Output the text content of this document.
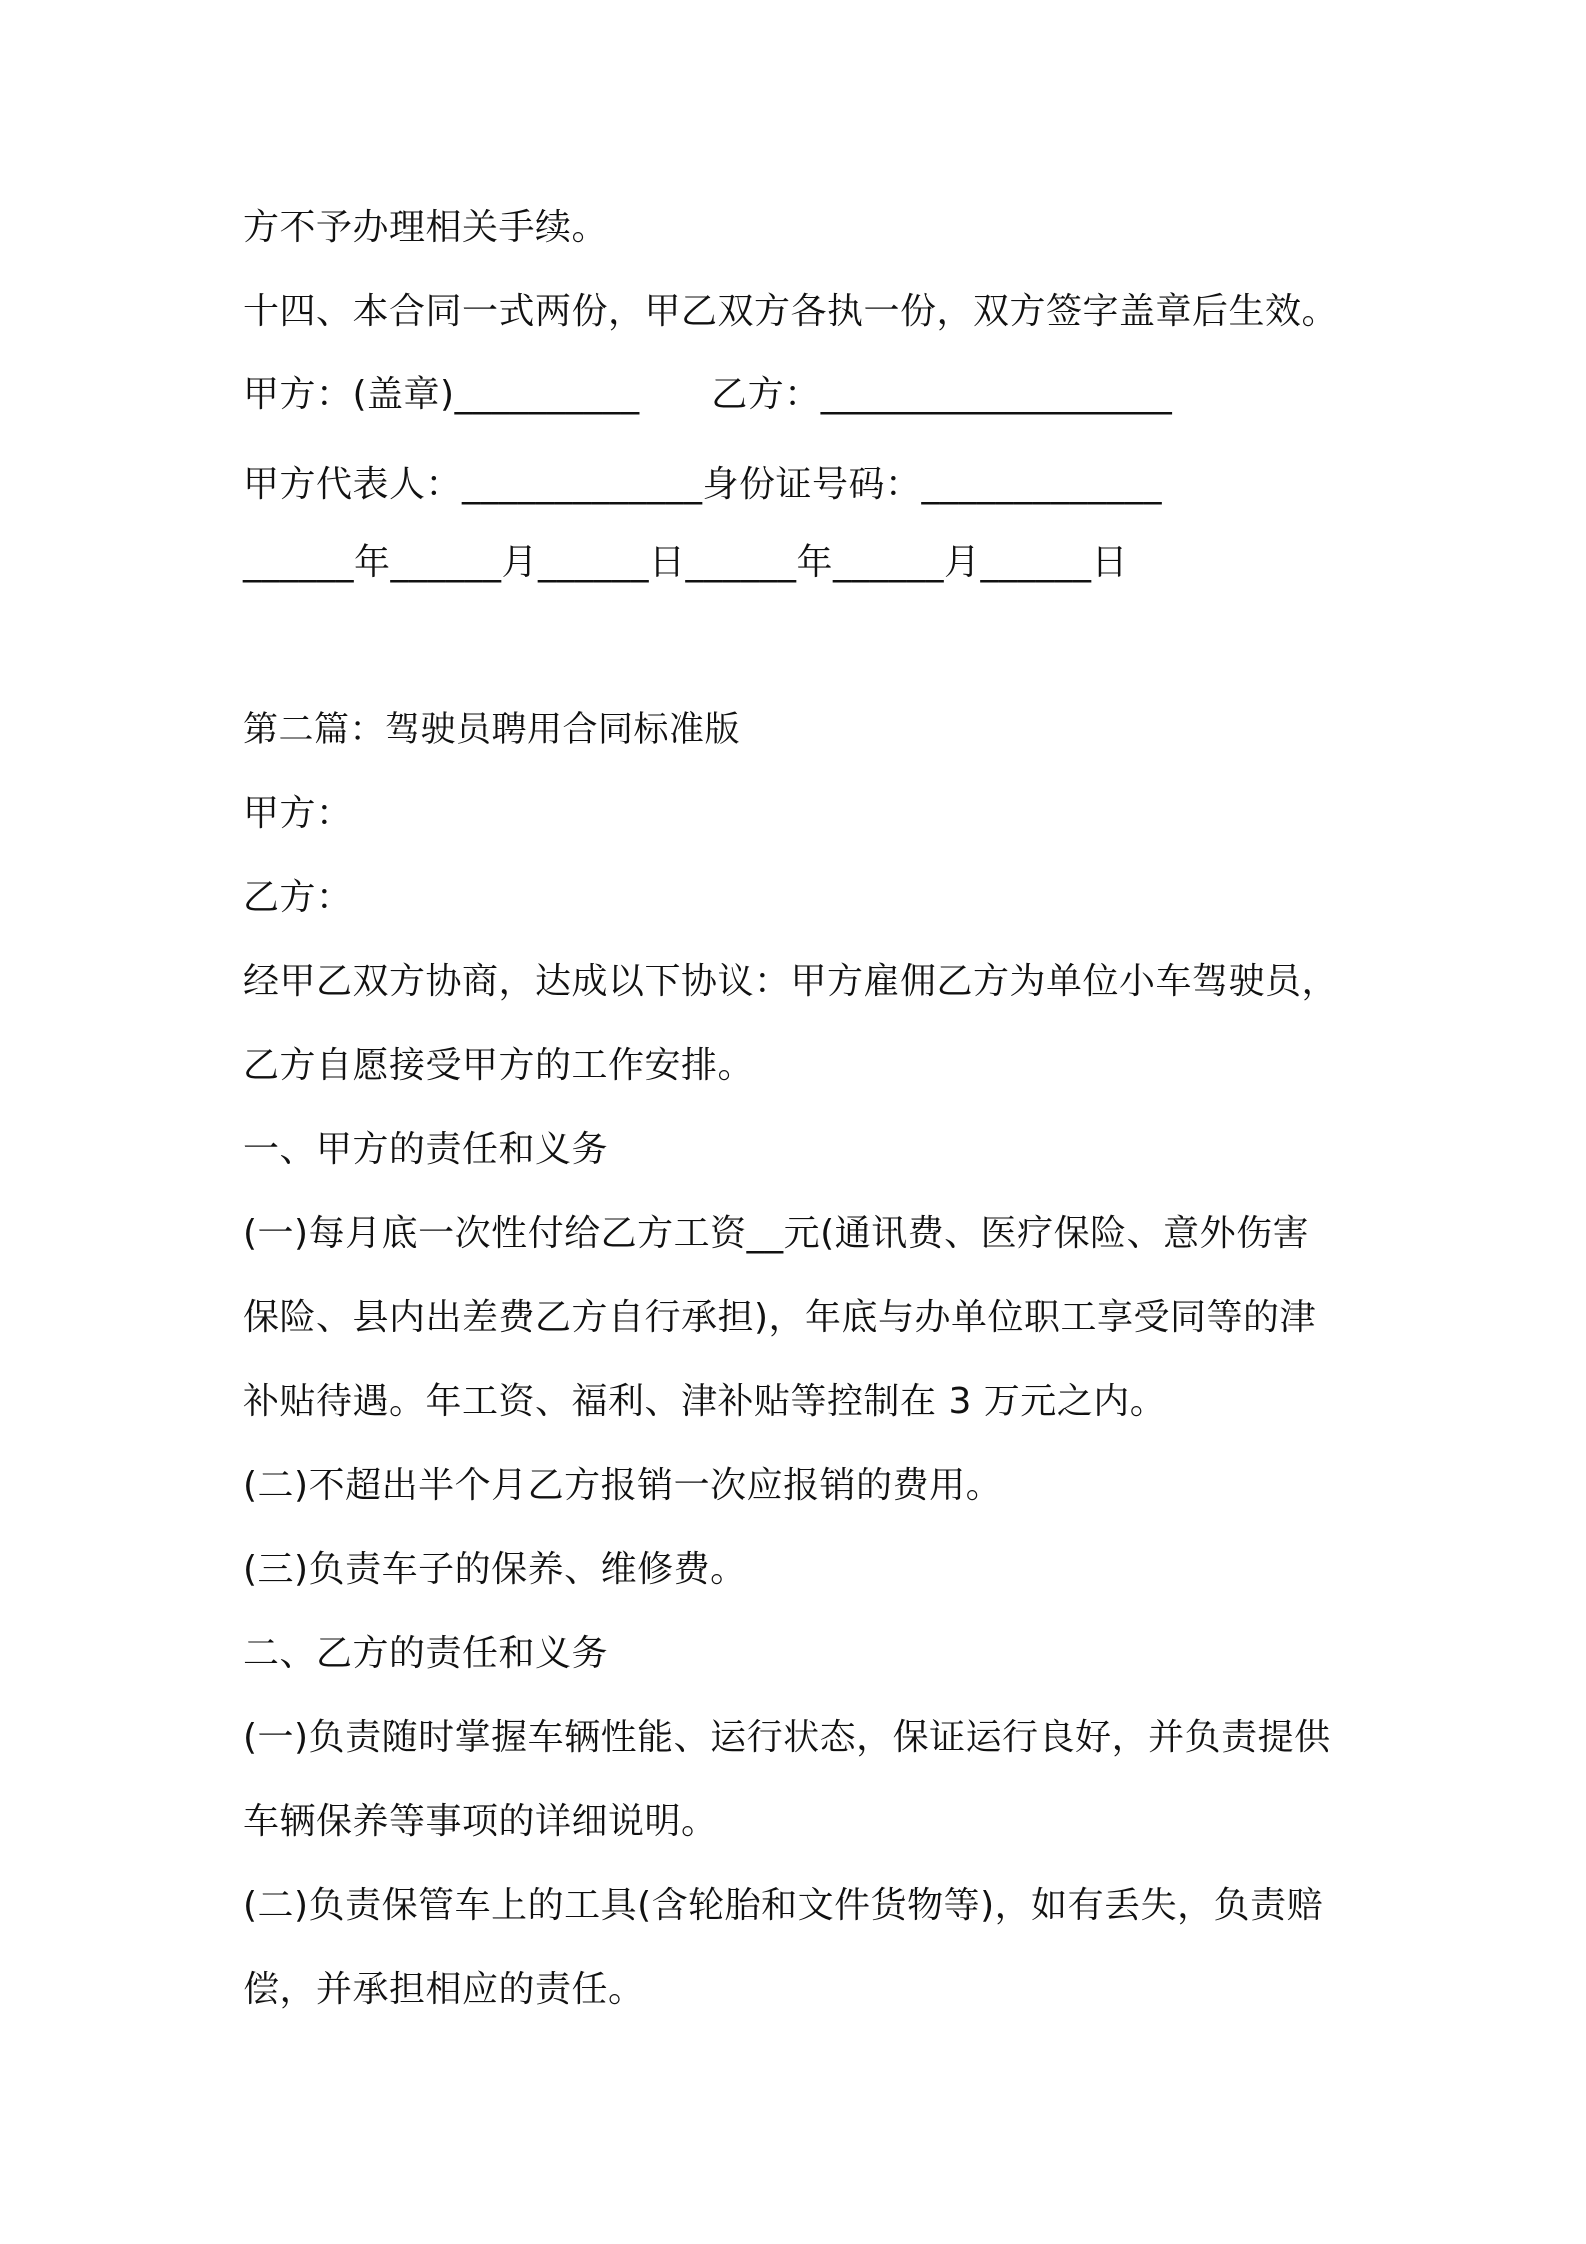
方不予办理相关手续。
十四、本合同一式两份，甲乙双方各执一份，双方签字盖章后生效。
甲方：(盖章)__________      乙方：___________________
甲方代表人：_____________身份证号码：_____________
______年______月______日______年______月______日
第二篇：驾驶员聘用合同标准版
甲方：
乙方：
经甲乙双方协商，达成以下协议：甲方雇佣乙方为单位小车驾驶员，
乙方自愿接受甲方的工作安排。
一、甲方的责任和义务
(一)每月底一次性付给乙方工资__元(通讯费、医疗保险、意外伤害
保险、县内出差费乙方自行承担)，年底与办单位职工享受同等的津
补贴待遇。年工资、福利、津补贴等控制在 3 万元之内。
(二)不超出半个月乙方报销一次应报销的费用。
(三)负责车子的保养、维修费。
二、乙方的责任和义务
(一)负责随时掌握车辆性能、运行状态，保证运行良好，并负责提供
车辆保养等事项的详细说明。
(二)负责保管车上的工具(含轮胎和文件货物等)，如有丢失，负责赔
偿，并承担相应的责任。
